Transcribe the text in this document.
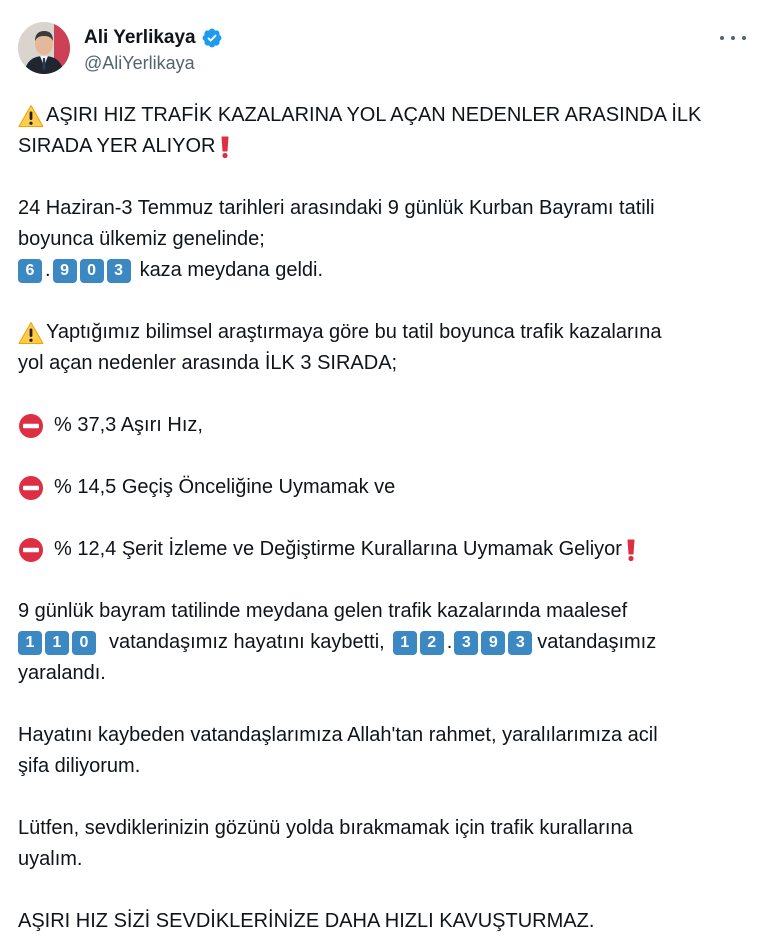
Ali Yerlikaya
@AliYerlikaya
AŞIRI HIZ TRAFİK KAZALARINA YOL AÇAN NEDENLER ARASINDA İLK
SIRADA YER ALIYOR
24 Haziran-3 Temmuz tarihleri arasındaki 9 günlük Kurban Bayramı tatili
boyunca ülkemiz genelinde;
6 . 9	0	3 kaza meydana geldi.
Yaptığımız bilimsel araştırmaya göre bu tatil boyunca trafik kazalarına
yol açan nedenler arasında İLK 3 SIRADA;
% 37,3 Aşırı Hız,
% 14,5 Geçiş Önceliğine Uymamak ve
% 12,4 Şerit İzleme ve Değiştirme Kurallarına Uymamak Geliyor
9 günlük bayram tatilinde meydana gelen trafik kazalarında maalesef
1	1	0	vatandaşımız hayatını kaybetti, 1	2 . 3	9	3 vatandaşımız
yaralandı.
Hayatını kaybeden vatandaşlarımıza Allah'tan rahmet, yaralılarımıza acil
şifa diliyorum.
Lütfen, sevdiklerinizin gözünü yolda bırakmamak için trafik kurallarına
uyalım.
AŞIRI HIZ SİZİ SEVDİKLERİNİZE DAHA HIZLI KAVUŞTURMAZ.
